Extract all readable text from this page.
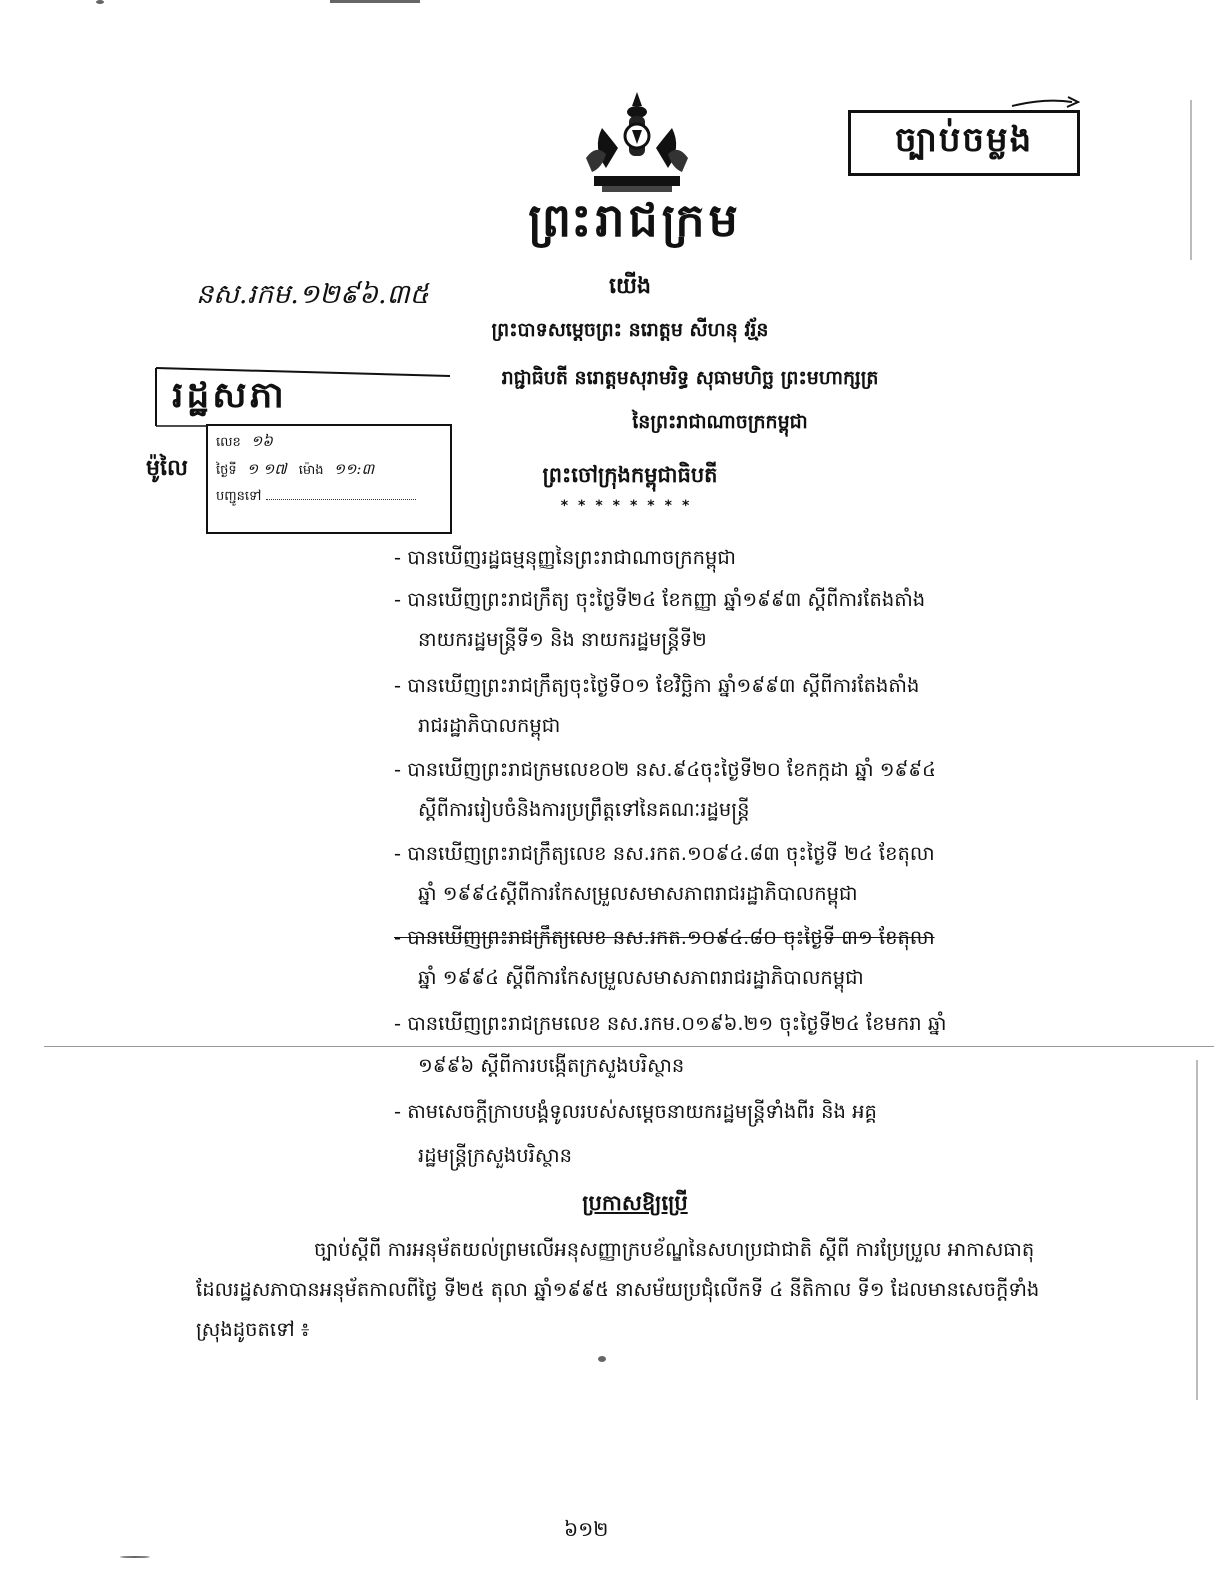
ច្បាប់ចម្លង
ព្រះរាជក្រម
នស.រកម.១២៩៦.៣៥	យើង
ព្រះបាទសម្តេចព្រះ នរោត្តម សីហនុ វរ្ម័ន
រាជ្ជាធិបតី នរោត្តមសុរាមរិទ្ធ សុធាមហិច្ឆ ព្រះមហាក្សត្រ
នៃព្រះរាជាណាចក្រកម្ពុជា
ព្រះចៅក្រុងកម្ពុជាធិបតី
********
រដ្ឋសភា
ម៉ូលៃ
លេខ ១៦
ថ្ងៃទី ១ ១៧ ម៉ោង ១១:៣
បញ្ជូនទៅ
- បានឃើញរដ្ឋធម្មនុញ្ញនៃព្រះរាជាណាចក្រកម្ពុជា
- បានឃើញព្រះរាជក្រឹត្យ ចុះថ្ងៃទី២៤ ខែកញ្ញា ឆ្នាំ១៩៩៣ ស្តីពីការតែងតាំង
នាយករដ្ឋមន្ត្រីទី១ និង នាយករដ្ឋមន្ត្រីទី២
- បានឃើញព្រះរាជក្រឹត្យចុះថ្ងៃទី០១ ខែវិច្ឆិកា ឆ្នាំ១៩៩៣ ស្តីពីការតែងតាំង
រាជរដ្ឋាភិបាលកម្ពុជា
- បានឃើញព្រះរាជក្រមលេខ០២ នស.៩៤ចុះថ្ងៃទី២០ ខែកក្កដា ឆ្នាំ ១៩៩៤
ស្តីពីការរៀបចំនិងការប្រព្រឹត្តទៅនៃគណៈរដ្ឋមន្ត្រី
- បានឃើញព្រះរាជក្រឹត្យលេខ នស.រកត.១០៩៤.៨៣ ចុះថ្ងៃទី ២៤ ខែតុលា
ឆ្នាំ ១៩៩៤ស្តីពីការកែសម្រួលសមាសភាពរាជរដ្ឋាភិបាលកម្ពុជា
- បានឃើញព្រះរាជក្រឹត្យលេខ នស.រកត.១០៩៤.៨០ ចុះថ្ងៃទី ៣១ ខែតុលា
ឆ្នាំ ១៩៩៤ ស្តីពីការកែសម្រួលសមាសភាពរាជរដ្ឋាភិបាលកម្ពុជា
- បានឃើញព្រះរាជក្រមលេខ នស.រកម.០១៩៦.២១ ចុះថ្ងៃទី២៤ ខែមករា ឆ្នាំ
១៩៩៦ ស្តីពីការបង្កើតក្រសួងបរិស្ថាន
- តាមសេចក្តីក្រាបបង្គំទូលរបស់សម្តេចនាយករដ្ឋមន្ត្រីទាំងពីរ និង អគ្គ
រដ្ឋមន្ត្រីក្រសួងបរិស្ថាន
ប្រកាសឱ្យប្រើ
ច្បាប់ស្តីពី ការអនុម័តយល់ព្រមលើអនុសញ្ញាក្របខ័ណ្ឌនៃសហប្រជាជាតិ ស្តីពី ការប្រែប្រួល អាកាសធាតុ ដែលរដ្ឋសភាបានអនុម័តកាលពីថ្ងៃ ទី២៥ តុលា ឆ្នាំ១៩៩៥ នាសម័យប្រជុំលើកទី ៤ នីតិកាល ទី១ ដែលមានសេចក្តីទាំងស្រុងដូចតទៅ ៖
៦១២
